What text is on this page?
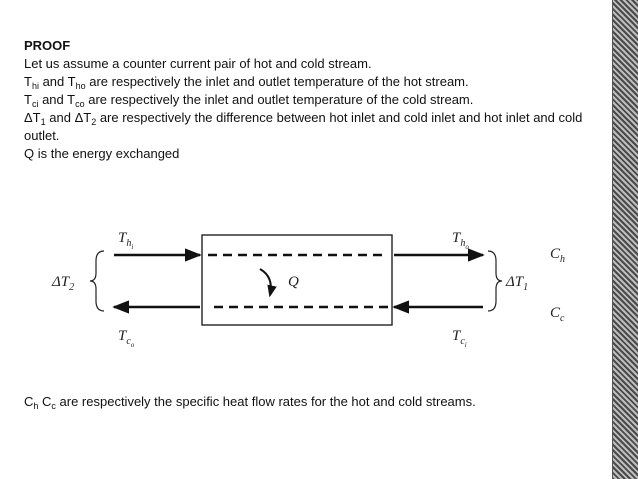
PROOF

Let us assume a counter current pair of hot and cold stream.

$T_{hi}$ and $T_{ho}$ are respectively the inlet and outlet temperature of the hot stream.

$T_{ci}$ and $T_{co}$ are respectively the inlet and outlet temperature of the cold stream.

$\Delta T_1$ and $\Delta T_2$ are respectively the difference between hot inlet and cold inlet and hot inlet and cold outlet.

Q is the energy exchanged

$T_{hi}$
$T_{ho}$
$T_{co}$
$T_{ci}$
$\Delta T_2$	$\Delta T_1$
Q
$C_h$
$C_c$

$C_h$ $C_c$ are respectively the specific heat flow rates for the hot and cold streams.
